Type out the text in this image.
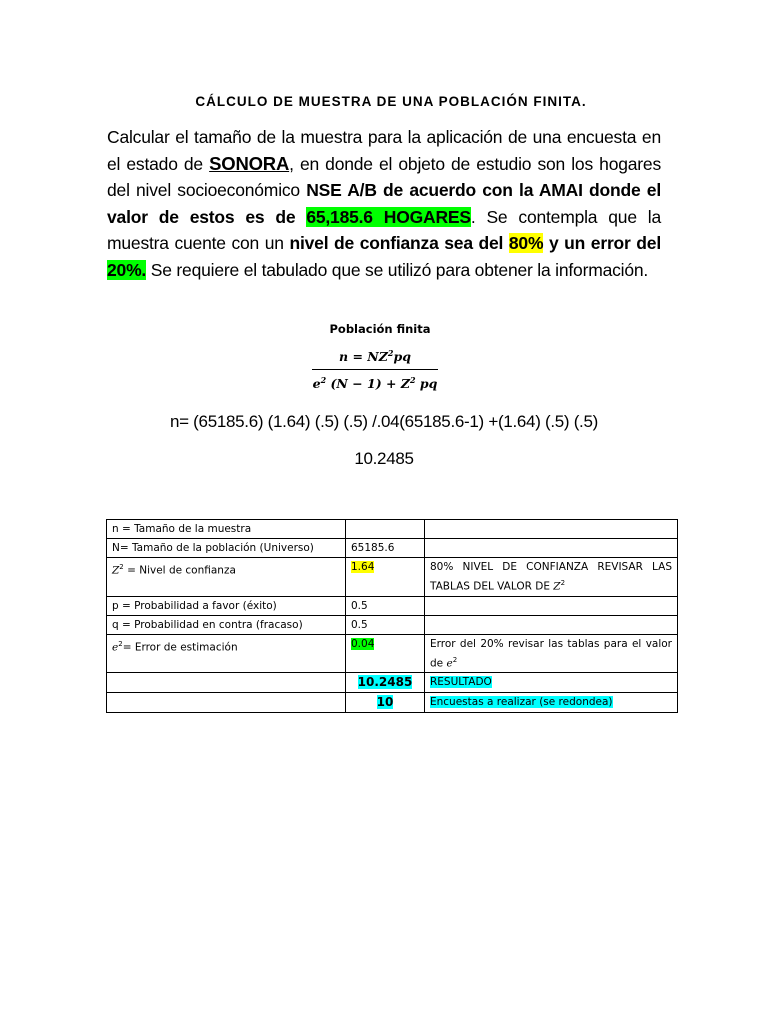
CÁLCULO DE MUESTRA DE UNA POBLACIÓN FINITA.
Calcular el tamaño de la muestra para la aplicación de una encuesta en el estado de SONORA, en donde el objeto de estudio son los hogares del nivel socioeconómico NSE A/B de acuerdo con la AMAI donde el valor de estos es de 65,185.6 HOGARES. Se contempla que la muestra cuente con un nivel de confianza sea del 80% y un error del 20%. Se requiere el tabulado que se utilizó para obtener la información.
Población finita
$\frac{n = NZ^2pq}{e^2 (N - 1) + Z^2 pq}$
n= (65185.6) (1.64) (.5) (.5) /.04(65185.6-1) +(1.64) (.5) (.5)
10.2485
n = Tamaño de la muestra		
N= Tamaño de la población (Universo)	65185.6	
$Z^2$ = Nivel de confianza	1.64	80% NIVEL DE CONFIANZA REVISAR LAS TABLAS DEL VALOR DE $Z^2$
p = Probabilidad a favor (éxito)	0.5	
q = Probabilidad en contra (fracaso)	0.5	
$e^2=$ Error de estimación	0.04	Error del 20% revisar las tablas para el valor de $e^2$
	10.2485	RESULTADO
	10	Encuestas a realizar (se redondea)
